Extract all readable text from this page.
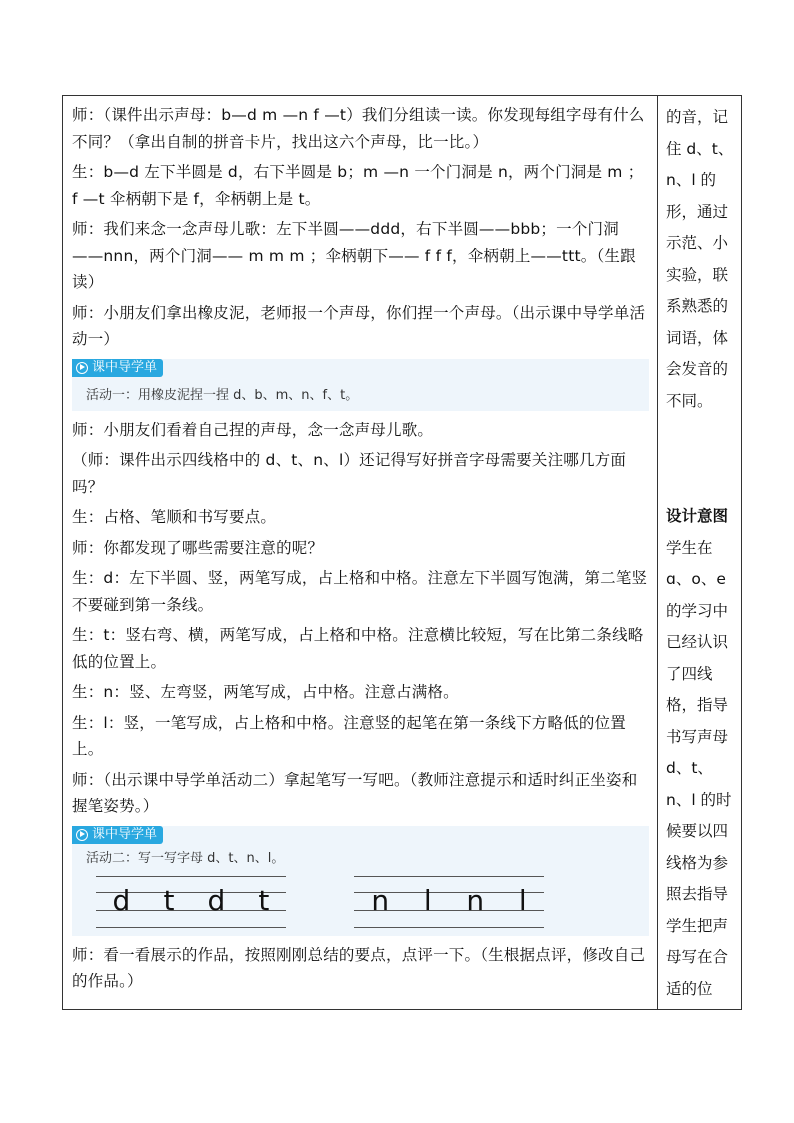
师：（课件出示声母：b—d m —n f —t）我们分组读一读。你发现每组字母有什么不同？（拿出自制的拼音卡片，找出这六个声母，比一比。）

生：b—d 左下半圆是 d，右下半圆是 b；m —n 一个门洞是 n，两个门洞是 m ；f —t 伞柄朝下是 f，伞柄朝上是 t。

师：我们来念一念声母儿歌：左下半圆——ddd，右下半圆——bbb；一个门洞——nnn，两个门洞—— m m m ；伞柄朝下—— f f f，伞柄朝上——ttt。（生跟读）

师：小朋友们拿出橡皮泥，老师报一个声母，你们捏一个声母。（出示课中导学单活动一）

课中导学单
活动一：用橡皮泥捏一捏 d、b、m、n、f、t。

师：小朋友们看着自己捏的声母，念一念声母儿歌。

（师：课件出示四线格中的 d、t、n、l）还记得写好拼音字母需要关注哪几方面吗？

生：占格、笔顺和书写要点。

师：你都发现了哪些需要注意的呢？

生：d：左下半圆、竖，两笔写成，占上格和中格。注意左下半圆写饱满，第二笔竖不要碰到第一条线。

生：t：竖右弯、横，两笔写成，占上格和中格。注意横比较短，写在比第二条线略低的位置上。

生：n：竖、左弯竖，两笔写成，占中格。注意占满格。

生：l：竖，一笔写成，占上格和中格。注意竖的起笔在第一条线下方略低的位置上。

师：（出示课中导学单活动二）拿起笔写一写吧。（教师注意提示和适时纠正坐姿和握笔姿势。）

课中导学单
活动二：写一写字母 d、t、n、l。
d t d t	n l n l

师：看一看展示的作品，按照刚刚总结的要点，点评一下。（生根据点评，修改自己的作品。）

的音，记住 d、t、n、l 的形，通过示范、小实验，联系熟悉的词语，体会发音的不同。

设计意图

学生在 ɑ、o、e 的学习中已经认识了四线格，指导书写声母 d、t、n、l 的时候要以四线格为参照去指导学生把声母写在合适的位
